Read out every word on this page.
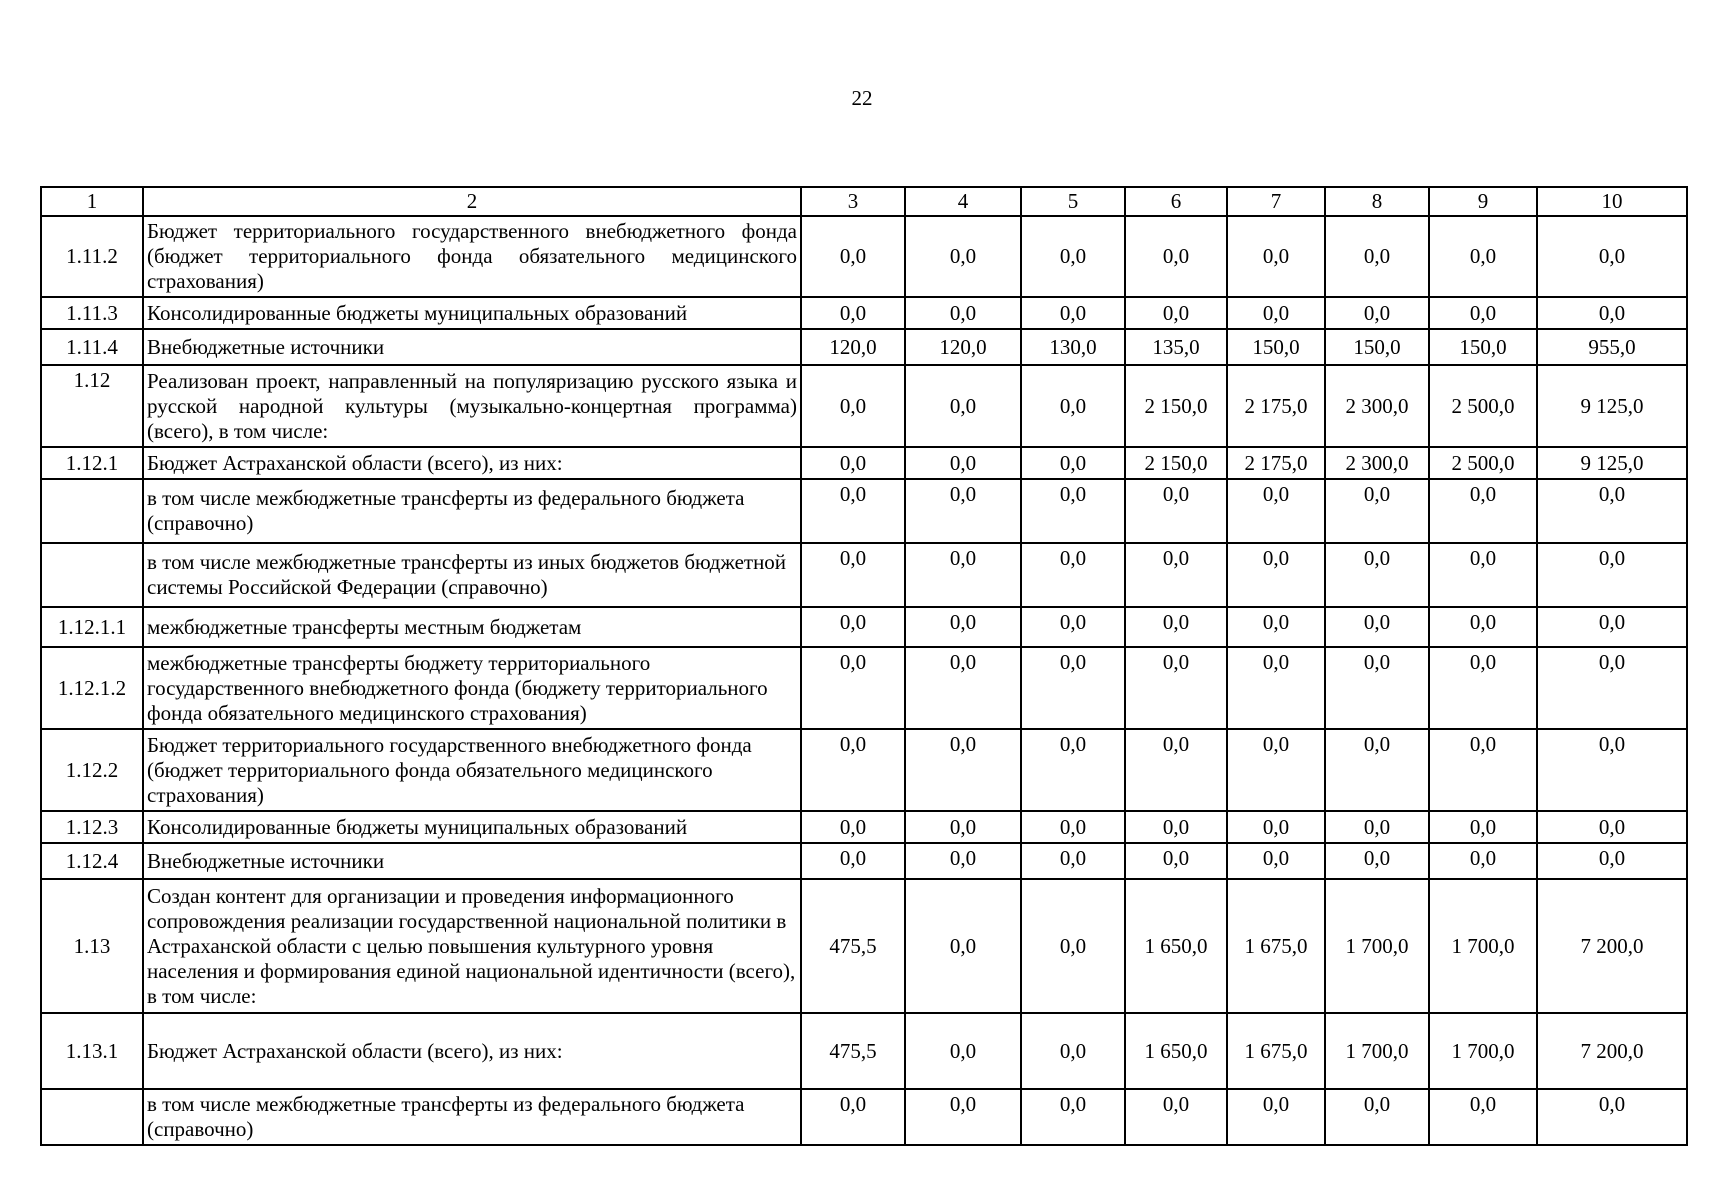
22
1	2	3	4	5	6	7	8	9	10
1.11.2	Бюджет территориального государственного внебюджетного фонда (бюджет территориального фонда обязательного медицинского страхования)	0,0	0,0	0,0	0,0	0,0	0,0	0,0	0,0
1.11.3	Консолидированные бюджеты муниципальных образований	0,0	0,0	0,0	0,0	0,0	0,0	0,0	0,0
1.11.4	Внебюджетные источники	120,0	120,0	130,0	135,0	150,0	150,0	150,0	955,0
1.12	Реализован проект, направленный на популяризацию русского языка и русской народной культуры (музыкально-концертная программа) (всего), в том числе:	0,0	0,0	0,0	2 150,0	2 175,0	2 300,0	2 500,0	9 125,0
1.12.1	Бюджет Астраханской области (всего), из них:	0,0	0,0	0,0	2 150,0	2 175,0	2 300,0	2 500,0	9 125,0
	в том числе межбюджетные трансферты из федерального бюджета (справочно)	0,0	0,0	0,0	0,0	0,0	0,0	0,0	0,0
	в том числе межбюджетные трансферты из иных бюджетов бюджетной системы Российской Федерации (справочно)	0,0	0,0	0,0	0,0	0,0	0,0	0,0	0,0
1.12.1.1	межбюджетные трансферты местным бюджетам	0,0	0,0	0,0	0,0	0,0	0,0	0,0	0,0
1.12.1.2	межбюджетные трансферты бюджету территориального государственного внебюджетного фонда (бюджету территориального фонда обязательного медицинского страхования)	0,0	0,0	0,0	0,0	0,0	0,0	0,0	0,0
1.12.2	Бюджет территориального государственного внебюджетного фонда (бюджет территориального фонда обязательного медицинского страхования)	0,0	0,0	0,0	0,0	0,0	0,0	0,0	0,0
1.12.3	Консолидированные бюджеты муниципальных образований	0,0	0,0	0,0	0,0	0,0	0,0	0,0	0,0
1.12.4	Внебюджетные источники	0,0	0,0	0,0	0,0	0,0	0,0	0,0	0,0
1.13	Создан контент для организации и проведения информационного сопровождения реализации государственной национальной политики в Астраханской области с целью повышения культурного уровня населения и формирования единой национальной идентичности (всего), в том числе:	475,5	0,0	0,0	1 650,0	1 675,0	1 700,0	1 700,0	7 200,0
1.13.1	Бюджет Астраханской области (всего), из них:	475,5	0,0	0,0	1 650,0	1 675,0	1 700,0	1 700,0	7 200,0
	в том числе межбюджетные трансферты из федерального бюджета (справочно)	0,0	0,0	0,0	0,0	0,0	0,0	0,0	0,0
